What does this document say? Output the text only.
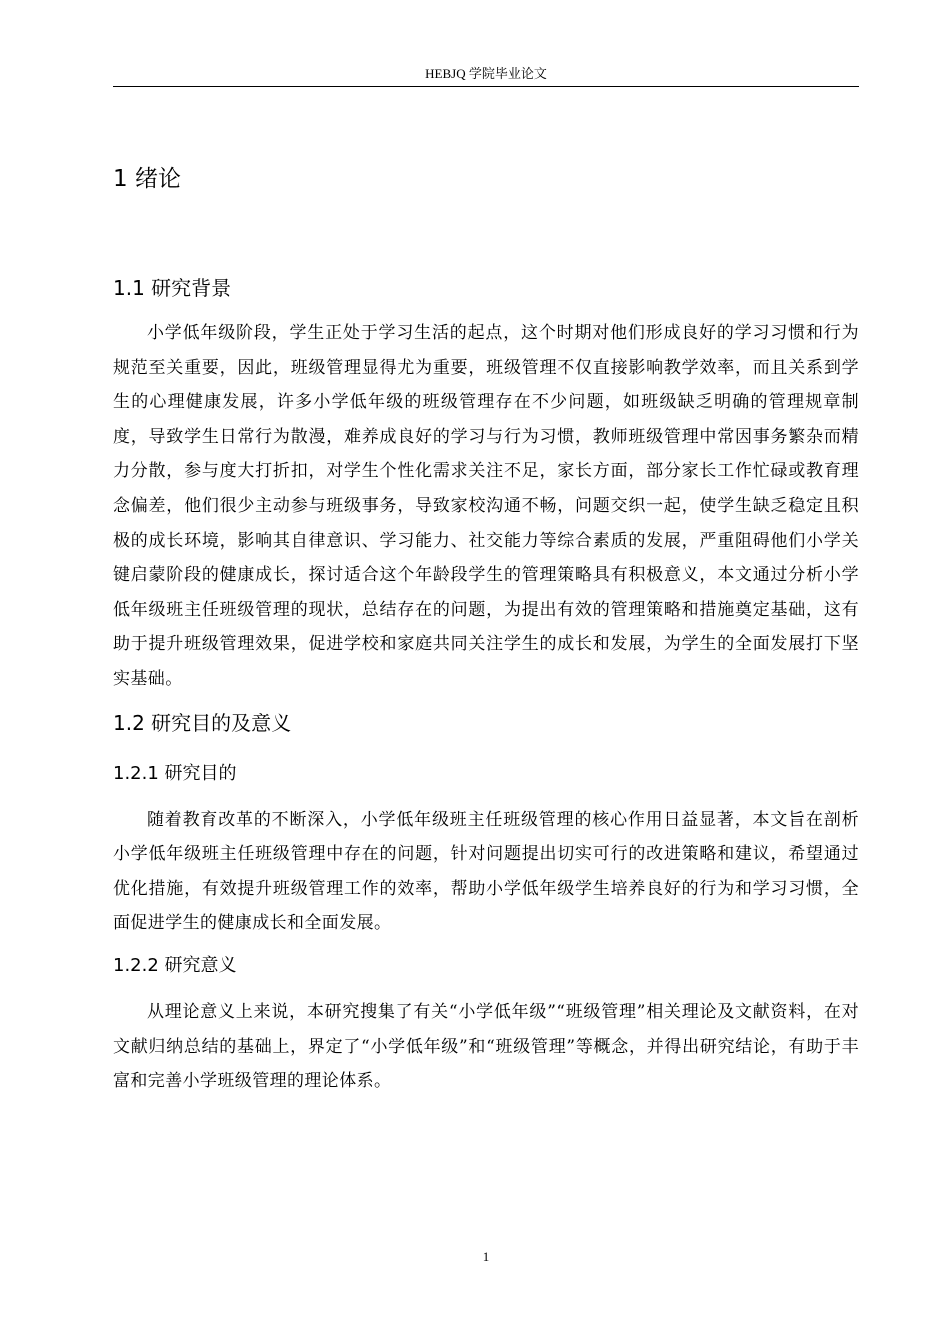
HEBJQ 学院毕业论文
1 绪论
1.1 研究背景

小学低年级阶段，学生正处于学习生活的起点，这个时期对他们形成良好的学习习惯和行为规范至关重要，因此，班级管理显得尤为重要，班级管理不仅直接影响教学效率，而且关系到学生的心理健康发展，许多小学低年级的班级管理存在不少问题，如班级缺乏明确的管理规章制度，导致学生日常行为散漫，难养成良好的学习与行为习惯，教师班级管理中常因事务繁杂而精力分散，参与度大打折扣，对学生个性化需求关注不足，家长方面，部分家长工作忙碌或教育理念偏差，他们很少主动参与班级事务，导致家校沟通不畅，问题交织一起，使学生缺乏稳定且积极的成长环境，影响其自律意识、学习能力、社交能力等综合素质的发展，严重阻碍他们小学关键启蒙阶段的健康成长，探讨适合这个年龄段学生的管理策略具有积极意义，本文通过分析小学低年级班主任班级管理的现状，总结存在的问题，为提出有效的管理策略和措施奠定基础，这有助于提升班级管理效果，促进学校和家庭共同关注学生的成长和发展，为学生的全面发展打下坚实基础。

1.2 研究目的及意义
1.2.1 研究目的

随着教育改革的不断深入，小学低年级班主任班级管理的核心作用日益显著，本文旨在剖析小学低年级班主任班级管理中存在的问题，针对问题提出切实可行的改进策略和建议，希望通过优化措施，有效提升班级管理工作的效率，帮助小学低年级学生培养良好的行为和学习习惯，全面促进学生的健康成长和全面发展。

1.2.2 研究意义

从理论意义上来说，本研究搜集了有关“小学低年级”“班级管理”相关理论及文献资料，在对文献归纳总结的基础上，界定了“小学低年级”和“班级管理”等概念，并得出研究结论，有助于丰富和完善小学班级管理的理论体系。

1
